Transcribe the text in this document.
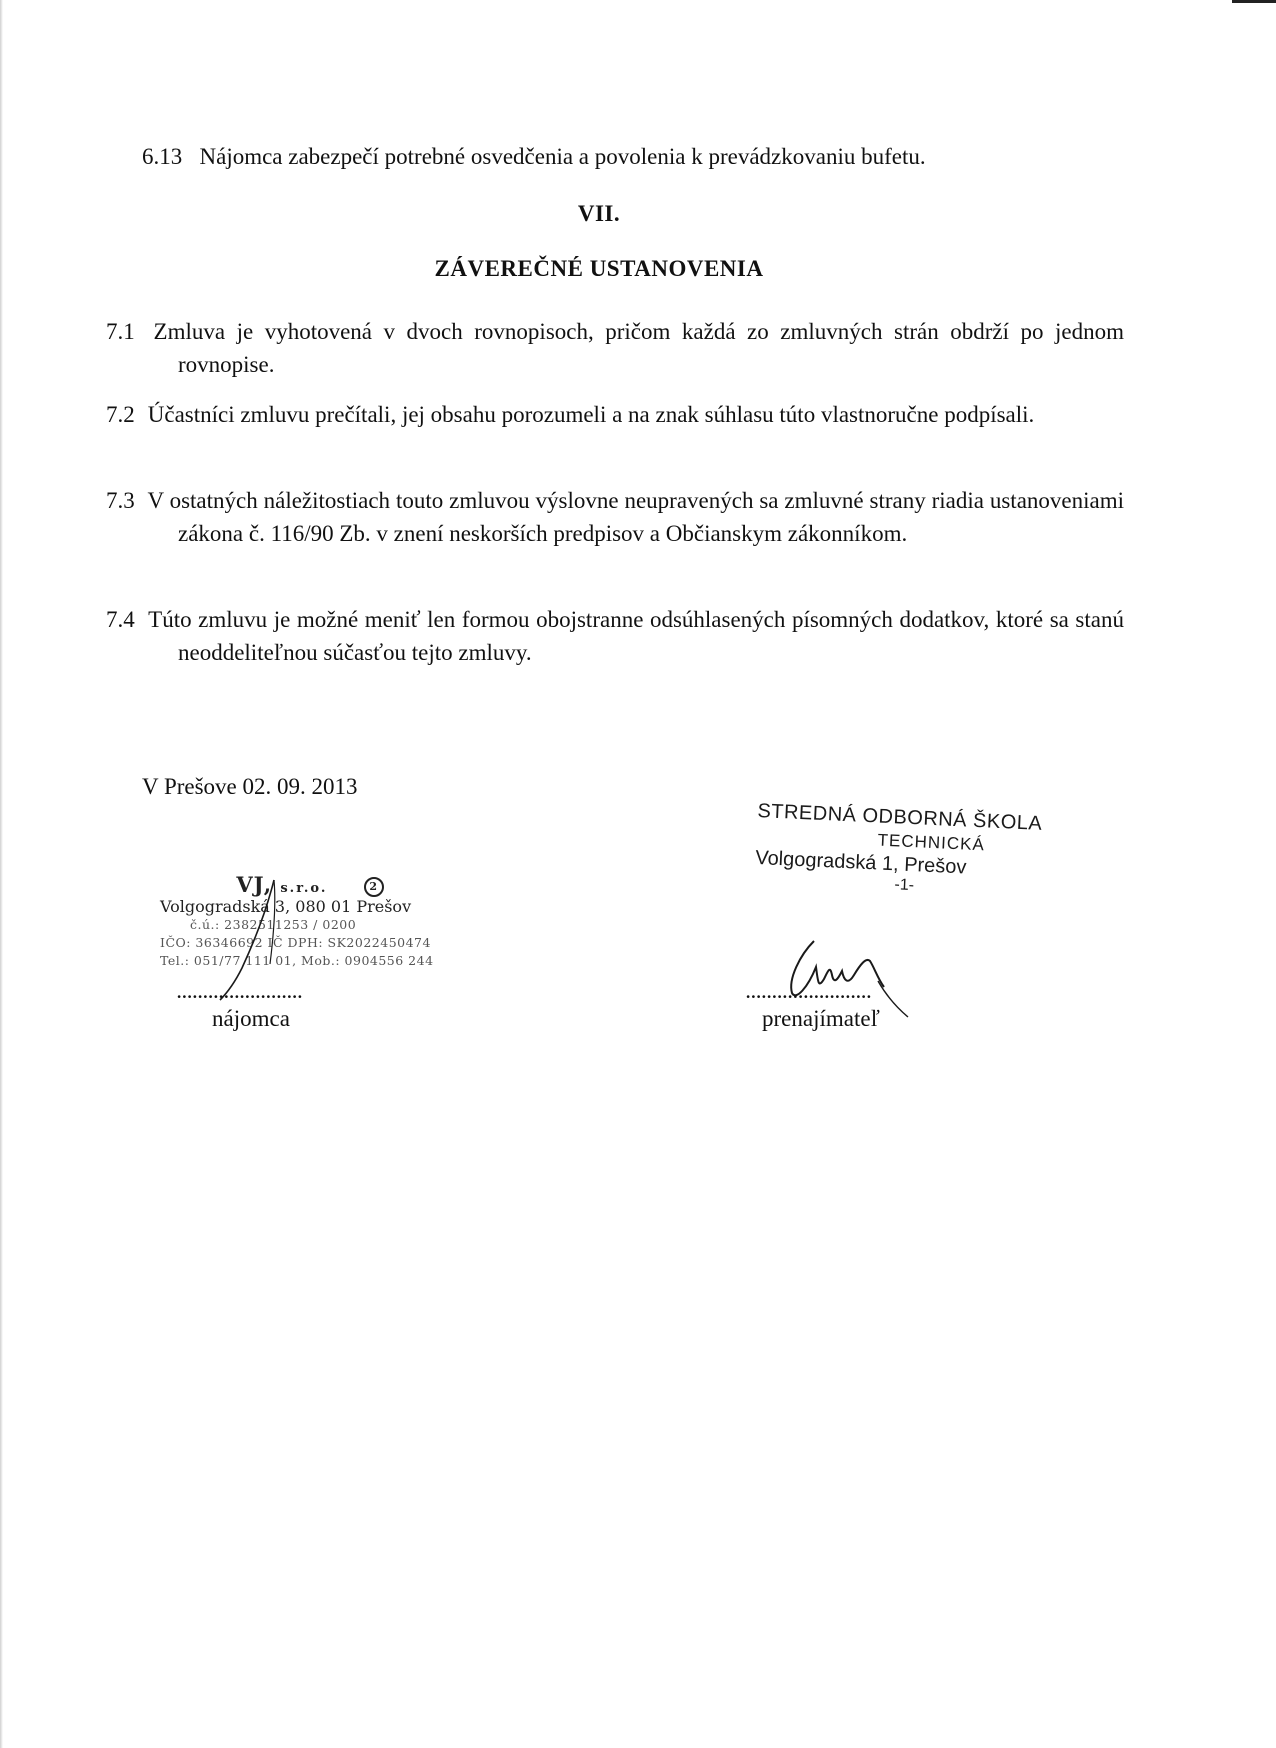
6.13 Nájomca zabezpečí potrebné osvedčenia a povolenia k prevádzkovaniu bufetu.
VII.
ZÁVEREČNÉ USTANOVENIA
7.1 Zmluva je vyhotovená v dvoch rovnopisoch, pričom každá zo zmluvných strán obdrží po jednom rovnopise.
7.2 Účastníci zmluvu prečítali, jej obsahu porozumeli a na znak súhlasu túto vlastnoručne podpísali.
7.3 V ostatných náležitostiach touto zmluvou výslovne neupravených sa zmluvné strany riadia ustanoveniami zákona č. 116/90 Zb. v znení neskorších predpisov a Občianskym zákonníkom.
7.4 Túto zmluvu je možné meniť len formou obojstranne odsúhlasených písomných dodatkov, ktoré sa stanú neoddeliteľnou súčasťou tejto zmluvy.
V Prešove 02. 09. 2013
VJ, s.r.o.	2
Volgogradská 3, 080 01 Prešov
č.ú.: 2382511253 / 0200
IČO: 36346692 IČ DPH: SK2022450474
Tel.: 051/77 111 01, Mob.: 0904556 244
........................
nájomca
STREDNÁ ODBORNÁ ŠKOLA
TECHNICKÁ
Volgogradská 1, Prešov
-1-
........................
prenajímateľ
